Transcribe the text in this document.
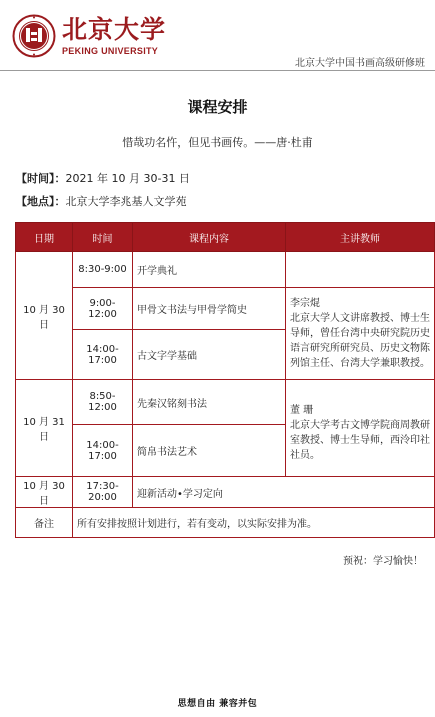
北京大学
PEKING UNIVERSITY
北京大学中国书画高级研修班
课程安排
惜哉功名忤，但见书画传。——唐·杜甫
【时间】：2021 年 10 月 30-31 日
【地点】：北京大学李兆基人文学苑
日期	时间	课程内容	主讲教师
10 月 30 日	8:30-9:00	开学典礼	
	9:00-12:00	甲骨文书法与甲骨学简史	李宗焜
北京大学人文讲席教授、博士生导师，曾任台湾中央研究院历史语言研究所研究员、历史文物陈列馆主任、台湾大学兼职教授。

	14:00-17:00	古文字学基础	
10 月 31 日	8:50-12:00	先秦汉铭刻书法	董 珊
北京大学考古文博学院商周教研室教授、博士生导师，西泠印社社员。

	14:00-17:00	简帛书法艺术	
10 月 30 日	17:30-20:00	迎新活动•学习定向	
备注	所有安排按照计划进行，若有变动，以实际安排为准。		
预祝：学习愉快！
思想自由 兼容并包
